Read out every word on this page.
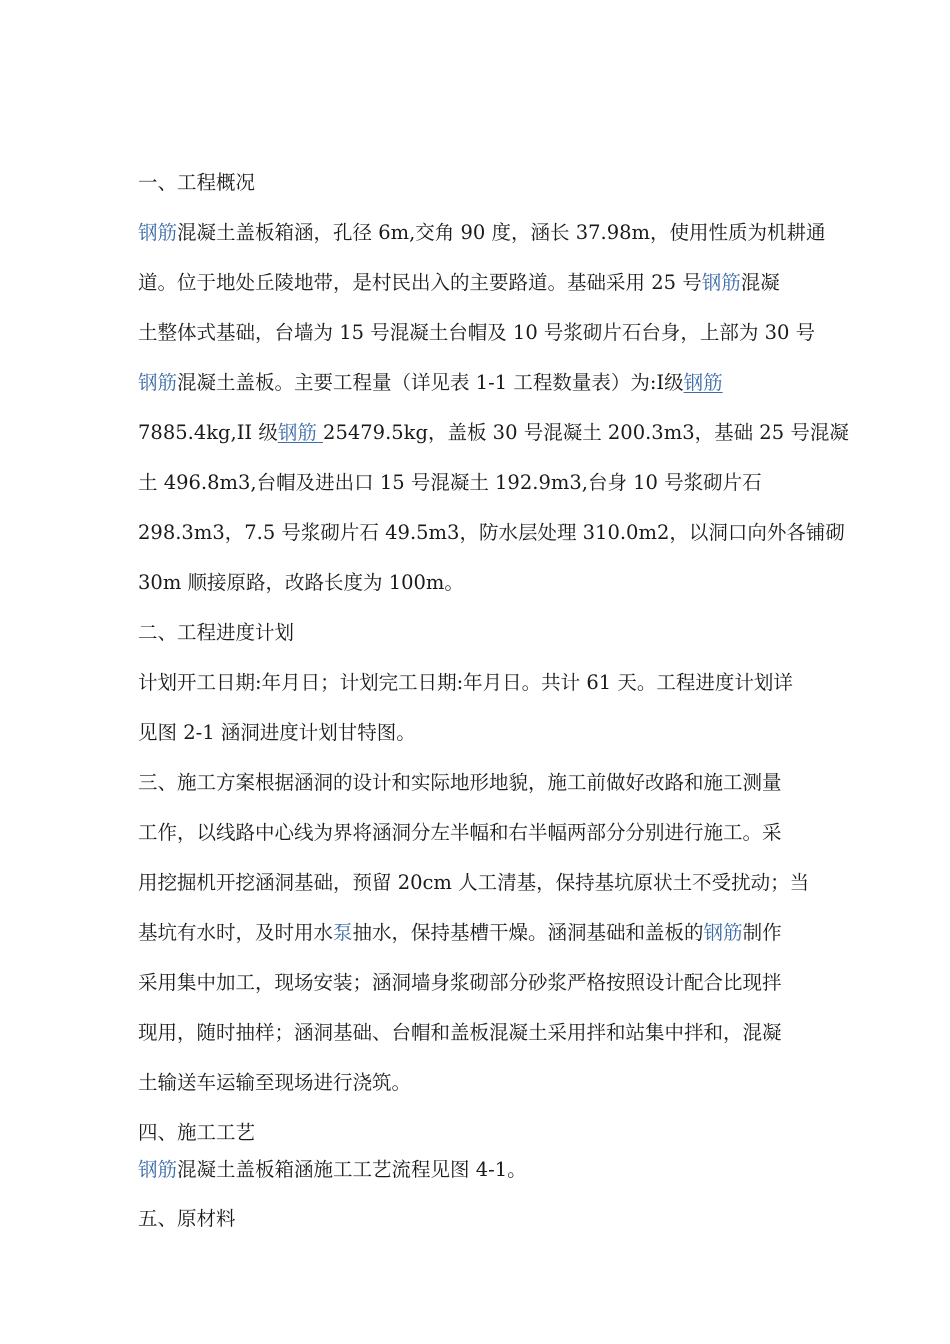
一、工程概况
钢筋混凝土盖板箱涵，孔径 6m,交角 90 度，涵长 37.98m，使用性质为机耕通
道。位于地处丘陵地带，是村民出入的主要路道。基础采用 25 号钢筋混凝
土整体式基础，台墙为 15 号混凝土台帽及 10 号浆砌片石台身，上部为 30 号
钢筋混凝土盖板。主要工程量（详见表 1-1 工程数量表）为:Ⅰ级钢筋
7885.4kg,II 级钢筋 25479.5kg，盖板 30 号混凝土 200.3m3，基础 25 号混凝
土 496.8m3,台帽及进出口 15 号混凝土 192.9m3,台身 10 号浆砌片石
298.3m3，7.5 号浆砌片石 49.5m3，防水层处理 310.0m2，以洞口向外各铺砌
30m 顺接原路，改路长度为 100m。
二、工程进度计划
计划开工日期:年月日；计划完工日期:年月日。共计 61 天。工程进度计划详
见图 2-1 涵洞进度计划甘特图。
三、施工方案根据涵洞的设计和实际地形地貌，施工前做好改路和施工测量
工作，以线路中心线为界将涵洞分左半幅和右半幅两部分分别进行施工。采
用挖掘机开挖涵洞基础，预留 20cm 人工清基，保持基坑原状土不受扰动；当
基坑有水时，及时用水泵抽水，保持基槽干燥。涵洞基础和盖板的钢筋制作
采用集中加工，现场安装；涵洞墙身浆砌部分砂浆严格按照设计配合比现拌
现用，随时抽样；涵洞基础、台帽和盖板混凝土采用拌和站集中拌和，混凝
土输送车运输至现场进行浇筑。
四、施工工艺
钢筋混凝土盖板箱涵施工工艺流程见图 4-1。
五、原材料
